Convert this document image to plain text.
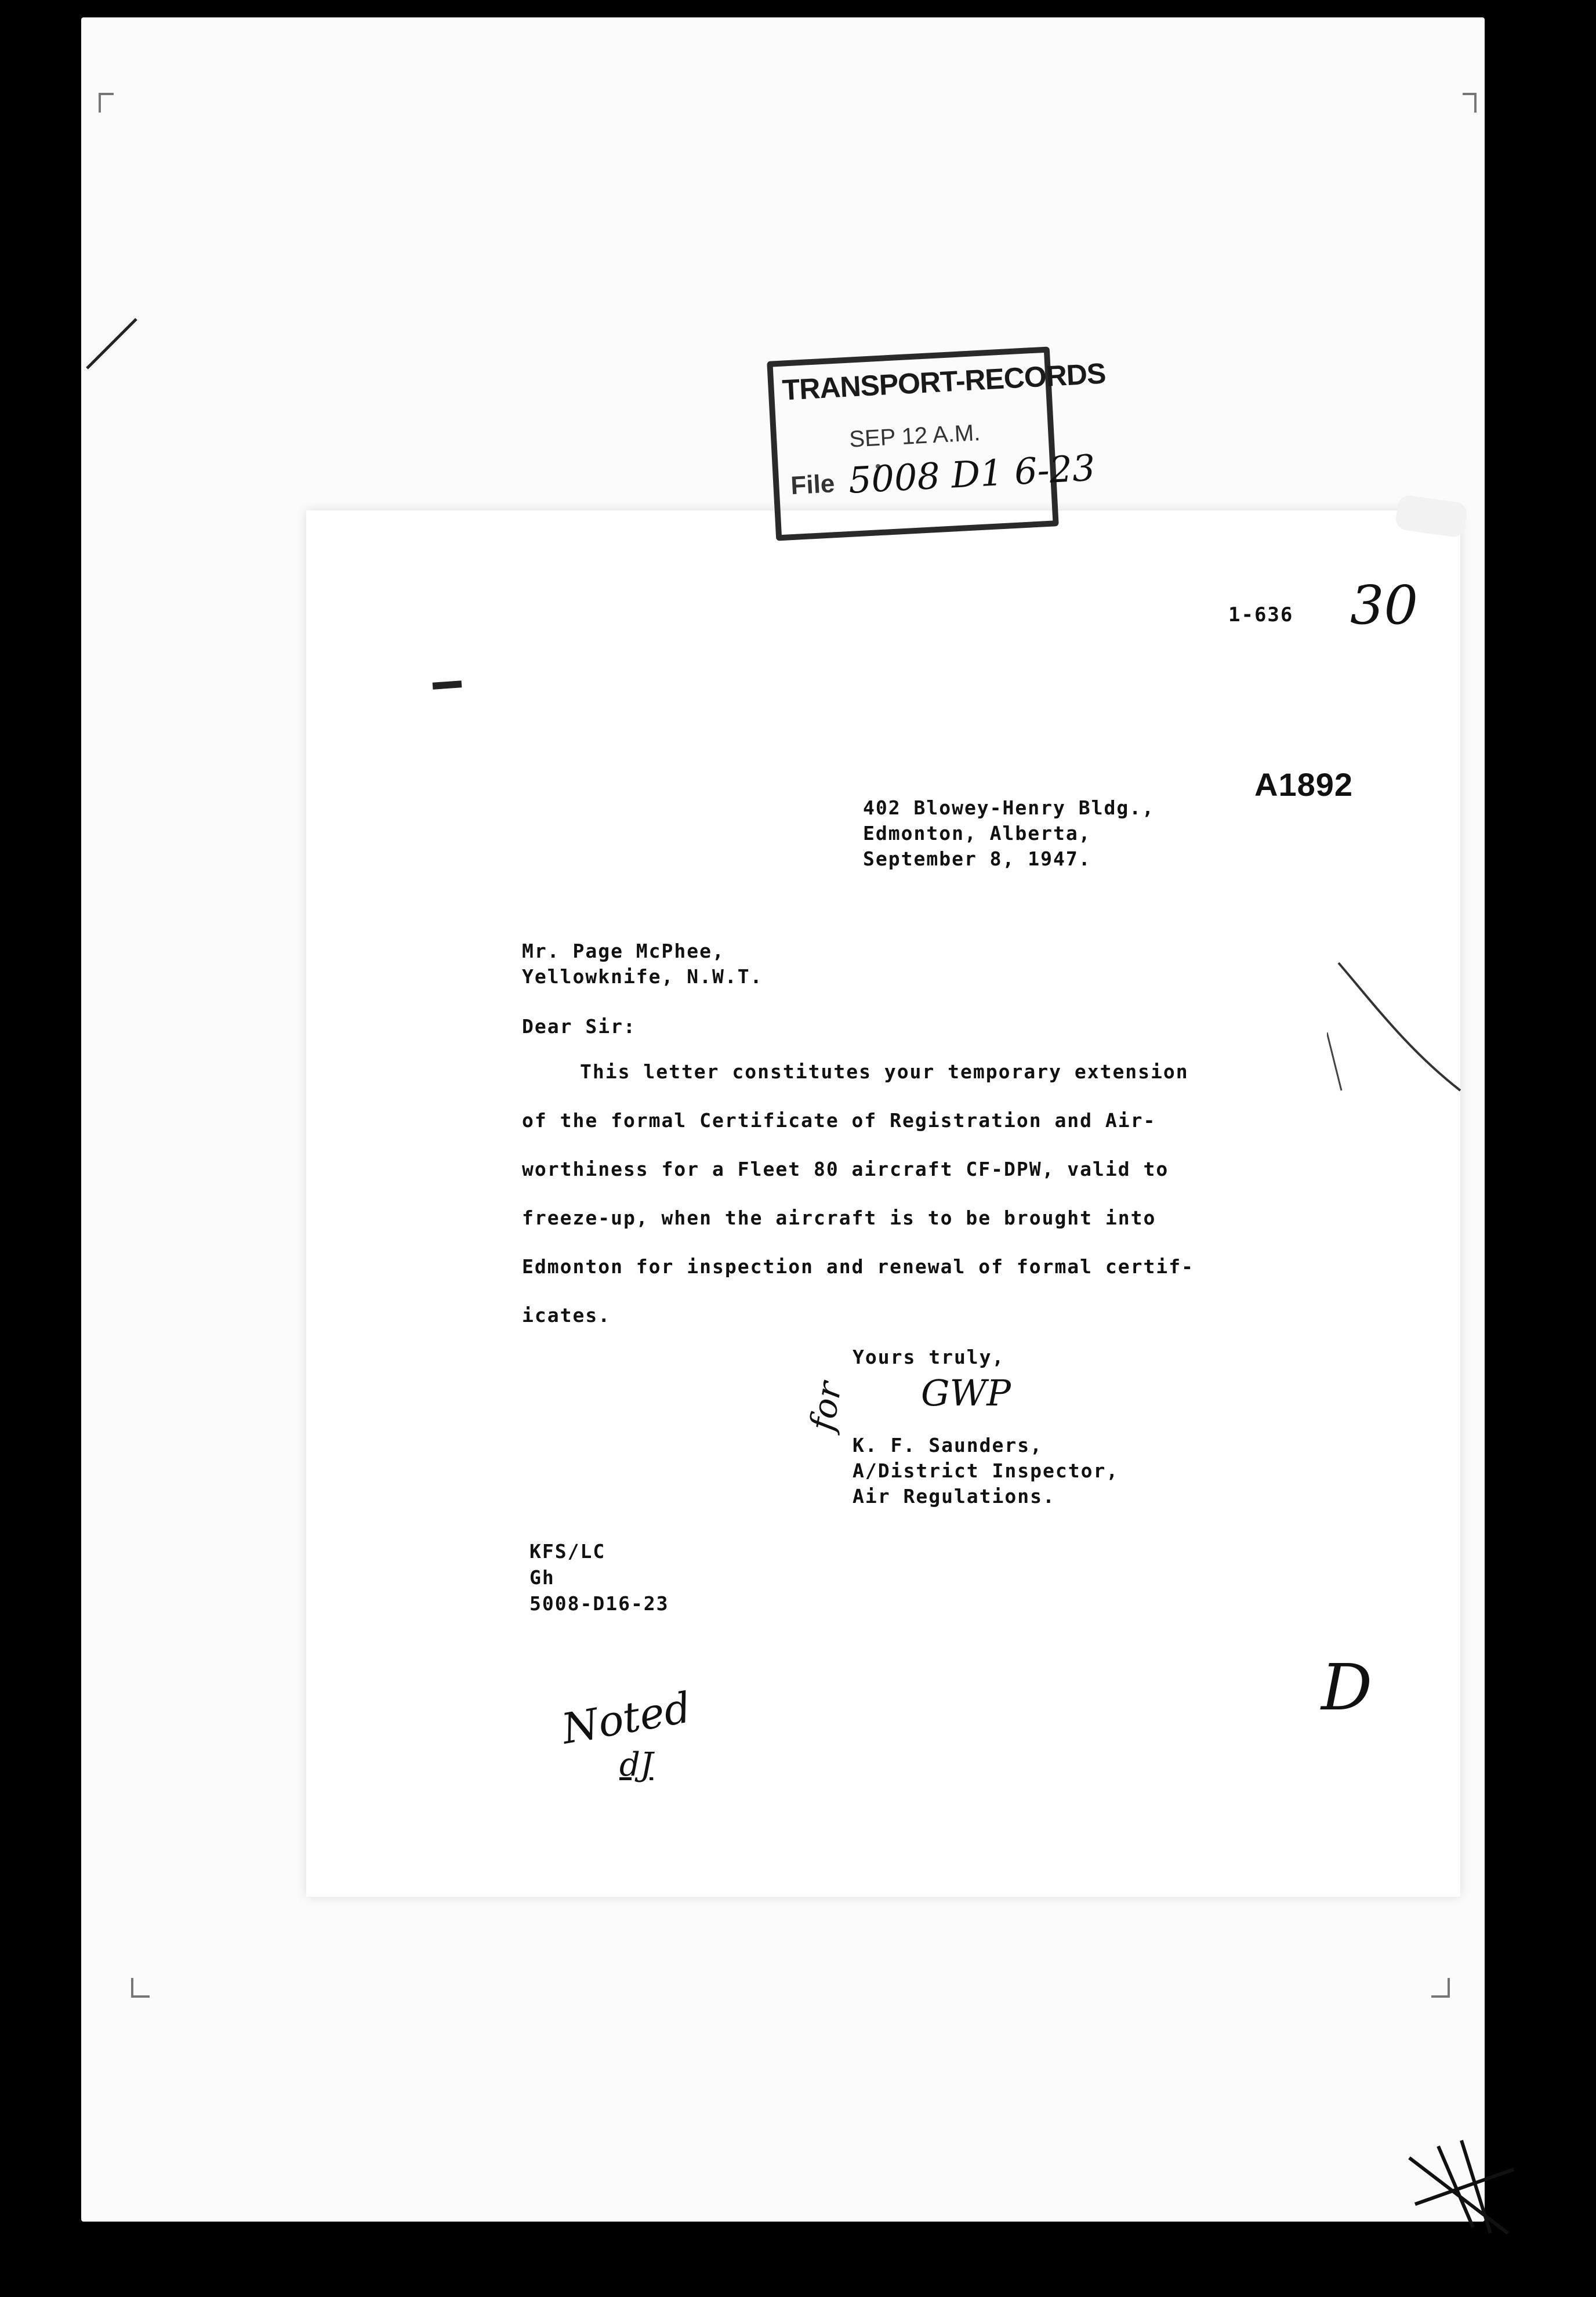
1-636 30
A1892
402 Blowey-Henry Bldg.,
Edmonton, Alberta,
September 8, 1947.
Mr. Page McPhee,
Yellowknife, N.W.T.
Dear Sir:
This letter constitutes your temporary extension
of the formal Certificate of Registration and Air-
worthiness for a Fleet 80 aircraft CF-DPW, valid to
freeze-up, when the aircraft is to be brought into
Edmonton for inspection and renewal of formal certif-
icates.
Yours truly,
GWP
for
K. F. Saunders,
A/District Inspector,
Air Regulations.
KFS/LC
Gh
5008-D16-23
Noted
dJ
D
TRANSPORT-RECORDS
SEP 12 A.M.
File 5008 D1 6-23
